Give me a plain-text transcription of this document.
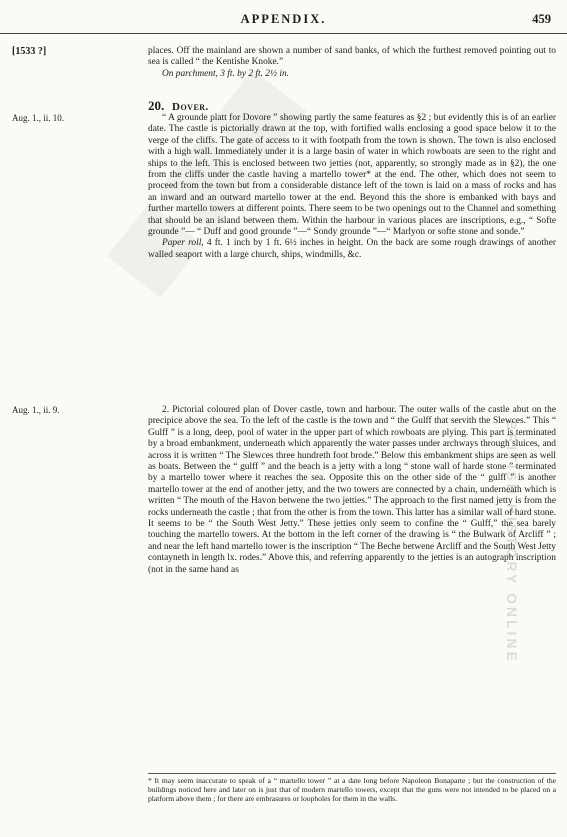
BRITISH HISTORY ONLINE
APPENDIX.	459
[1533 ?]	places. Off the mainland are shown a number of sand banks, of which the furthest removed pointing out to sea is called “ the Kentishe Knoke.”

On parchment, 3 ft. by 2 ft. 2½ in.

20. Dover.
Aug. 1., ii. 10.	“ A grounde platt for Dovore ” showing partly the same features as §2 ; but evidently this is of an earlier date. The castle is pictorially drawn at the top, with fortified walls enclosing a good space below it to the verge of the cliffs. The gate of access to it with footpath from the town is shown. The town is also enclosed with a high wall. Immediately under it is a large basin of water in which rowboats are seen to the right and ships to the left. This is enclosed between two jetties (not, apparently, so strongly made as in §2), the one from the cliffs under the castle having a martello tower* at the end. The other, which does not seem to proceed from the town but from a considerable distance left of the town is laid on a mass of rocks and has an inward and an outward martello tower at the end. Beyond this the shore is embanked with bays and further martello towers at different points. There seem to be two openings out to the Channel and something that should be an island between them. Within the harbour in various places are inscriptions, e.g., “ Softe grounde ”— “ Duff and good grounde ”—“ Sondy grounde ”—“ Marlyon or softe stone and sonde.”

Paper roll, 4 ft. 1 inch by 1 ft. 6½ inches in height. On the back are some rough drawings of another walled seaport with a large church, ships, windmills, &c.

Aug. 1., ii. 9.	2. Pictorial coloured plan of Dover castle, town and harbour. The outer walls of the castle abut on the precipice above the sea. To the left of the castle is the town and “ the Gulff that servith the Slewces.” This “ Gulff ” is a long, deep, pool of water in the upper part of which rowboats are plying. This part is terminated by a broad embankment, underneath which apparently the water passes under archways through sluices, and across it is written “ The Slewces three hundreth foot brode.” Below this embankment ships are seen as well as boats. Between the “ gulff ” and the beach is a jetty with a long “ stone wall of harde stone ” terminated by a martello tower where it reaches the sea. Opposite this on the other side of the “ gulff ” is another martello tower at the end of another jetty, and the two towers are connected by a chain, underneath which is written “ The mouth of the Havon betwene the two jetties.” The approach to the first named jetty is from the rocks underneath the castle ; that from the other is from the town. This latter has a similar wall of hard stone. It seems to be “ the South West Jetty.” These jetties only seem to confine the “ Gulff,” the sea barely touching the martello towers. At the bottom in the left corner of the drawing is “ the Bulwark of Arcliff ” ; and near the left hand martello tower is the inscription “ The Beche betwene Arcliff and the South West Jetty contayneth in length lx. rodes.” Above this, and referring apparently to the jetties is an autograph inscription (not in the same hand as

* It may seem inaccurate to speak of a “ martello tower ” at a date long before Napoleon Bonaparte ; but the construction of the buildings noticed here and later on is just that of modern martello towers, except that the guns were not intended to be placed on a platform above them ; for there are embrasures or loopholes for them in the walls.
